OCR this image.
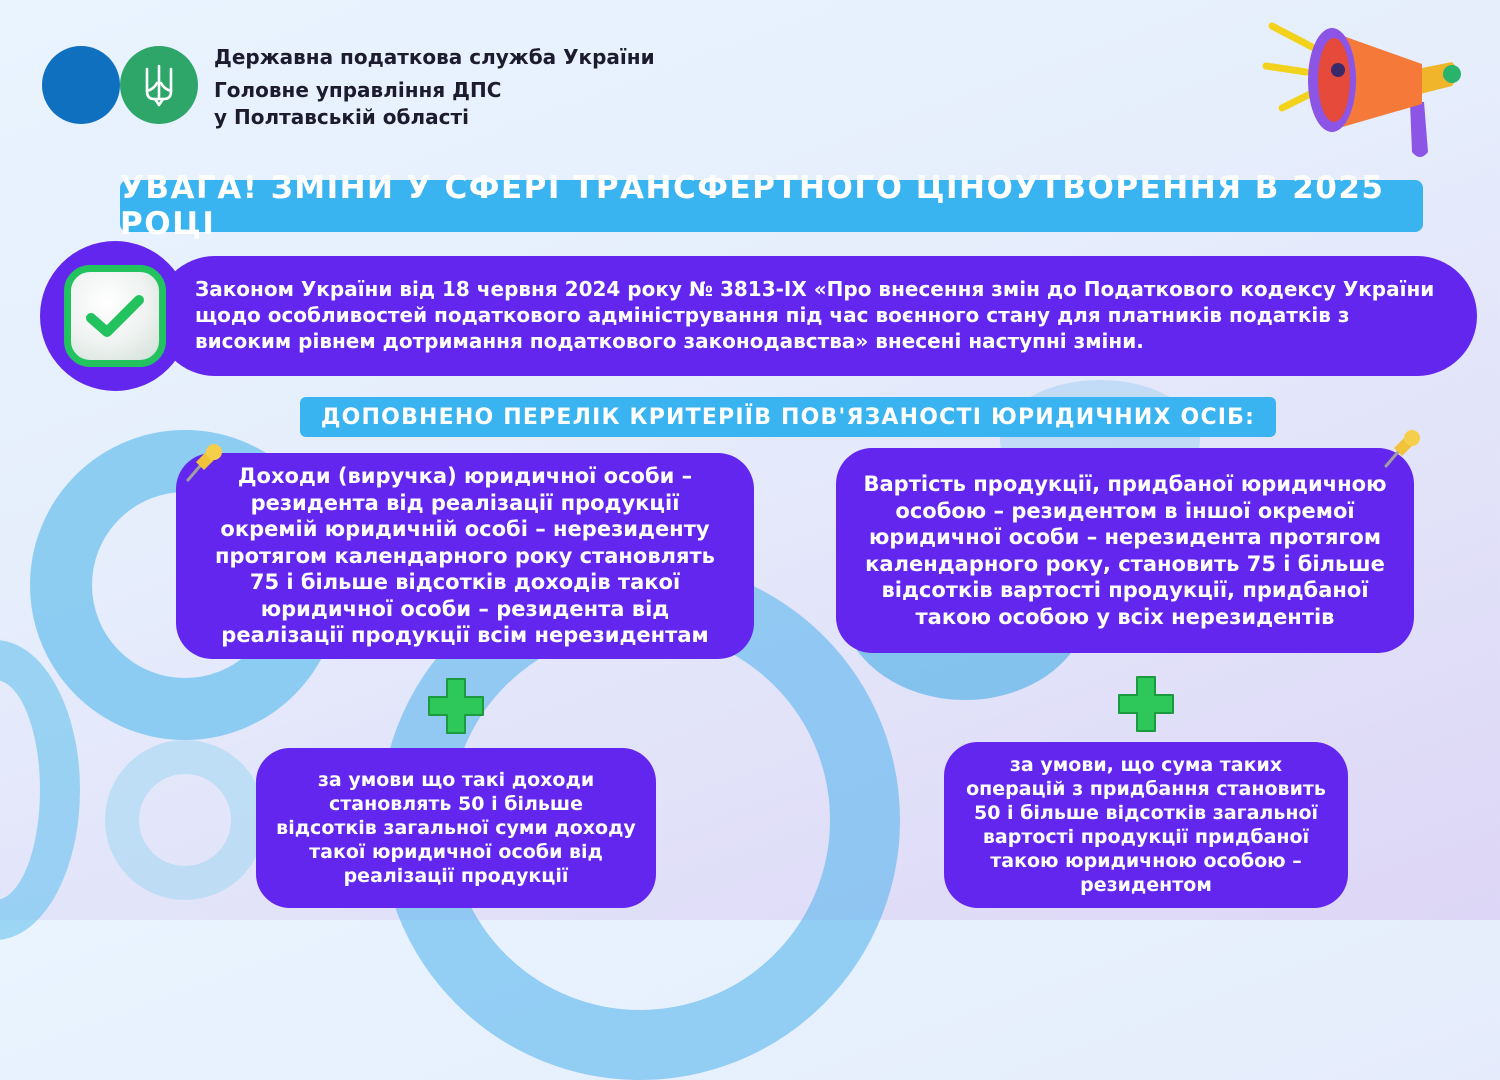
Державна податкова служба України
Головне управління ДПС
у Полтавській області
УВАГА! ЗМІНИ У СФЕРІ ТРАНСФЕРТНОГО ЦІНОУТВОРЕННЯ В 2025 РОЦІ
Законом України від 18 червня 2024 року № 3813-IX «Про внесення змін до Податкового кодексу України щодо особливостей податкового адміністрування під час воєнного стану для платників податків з високим рівнем дотримання податкового законодавства» внесені наступні зміни.
ДОПОВНЕНО ПЕРЕЛІК КРИТЕРІЇВ ПОВ'ЯЗАНОСТІ ЮРИДИЧНИХ ОСІБ:
Доходи (виручка) юридичної особи – резидента від реалізації продукції окремій юридичній особі – нерезиденту протягом календарного року становлять 75 і більше відсотків доходів такої юридичної особи – резидента від реалізації продукції всім нерезидентам
Вартість продукції, придбаної юридичною особою – резидентом в іншої окремої юридичної особи – нерезидента протягом календарного року, становить 75 і більше відсотків вартості продукції, придбаної такою особою у всіх нерезидентів
за умови що такі доходи становлять 50 і більше відсотків загальної суми доходу такої юридичної особи від реалізації продукції
за умови, що сума таких операцій з придбання становить 50 і більше відсотків загальної вартості продукції придбаної такою юридичною особою – резидентом
